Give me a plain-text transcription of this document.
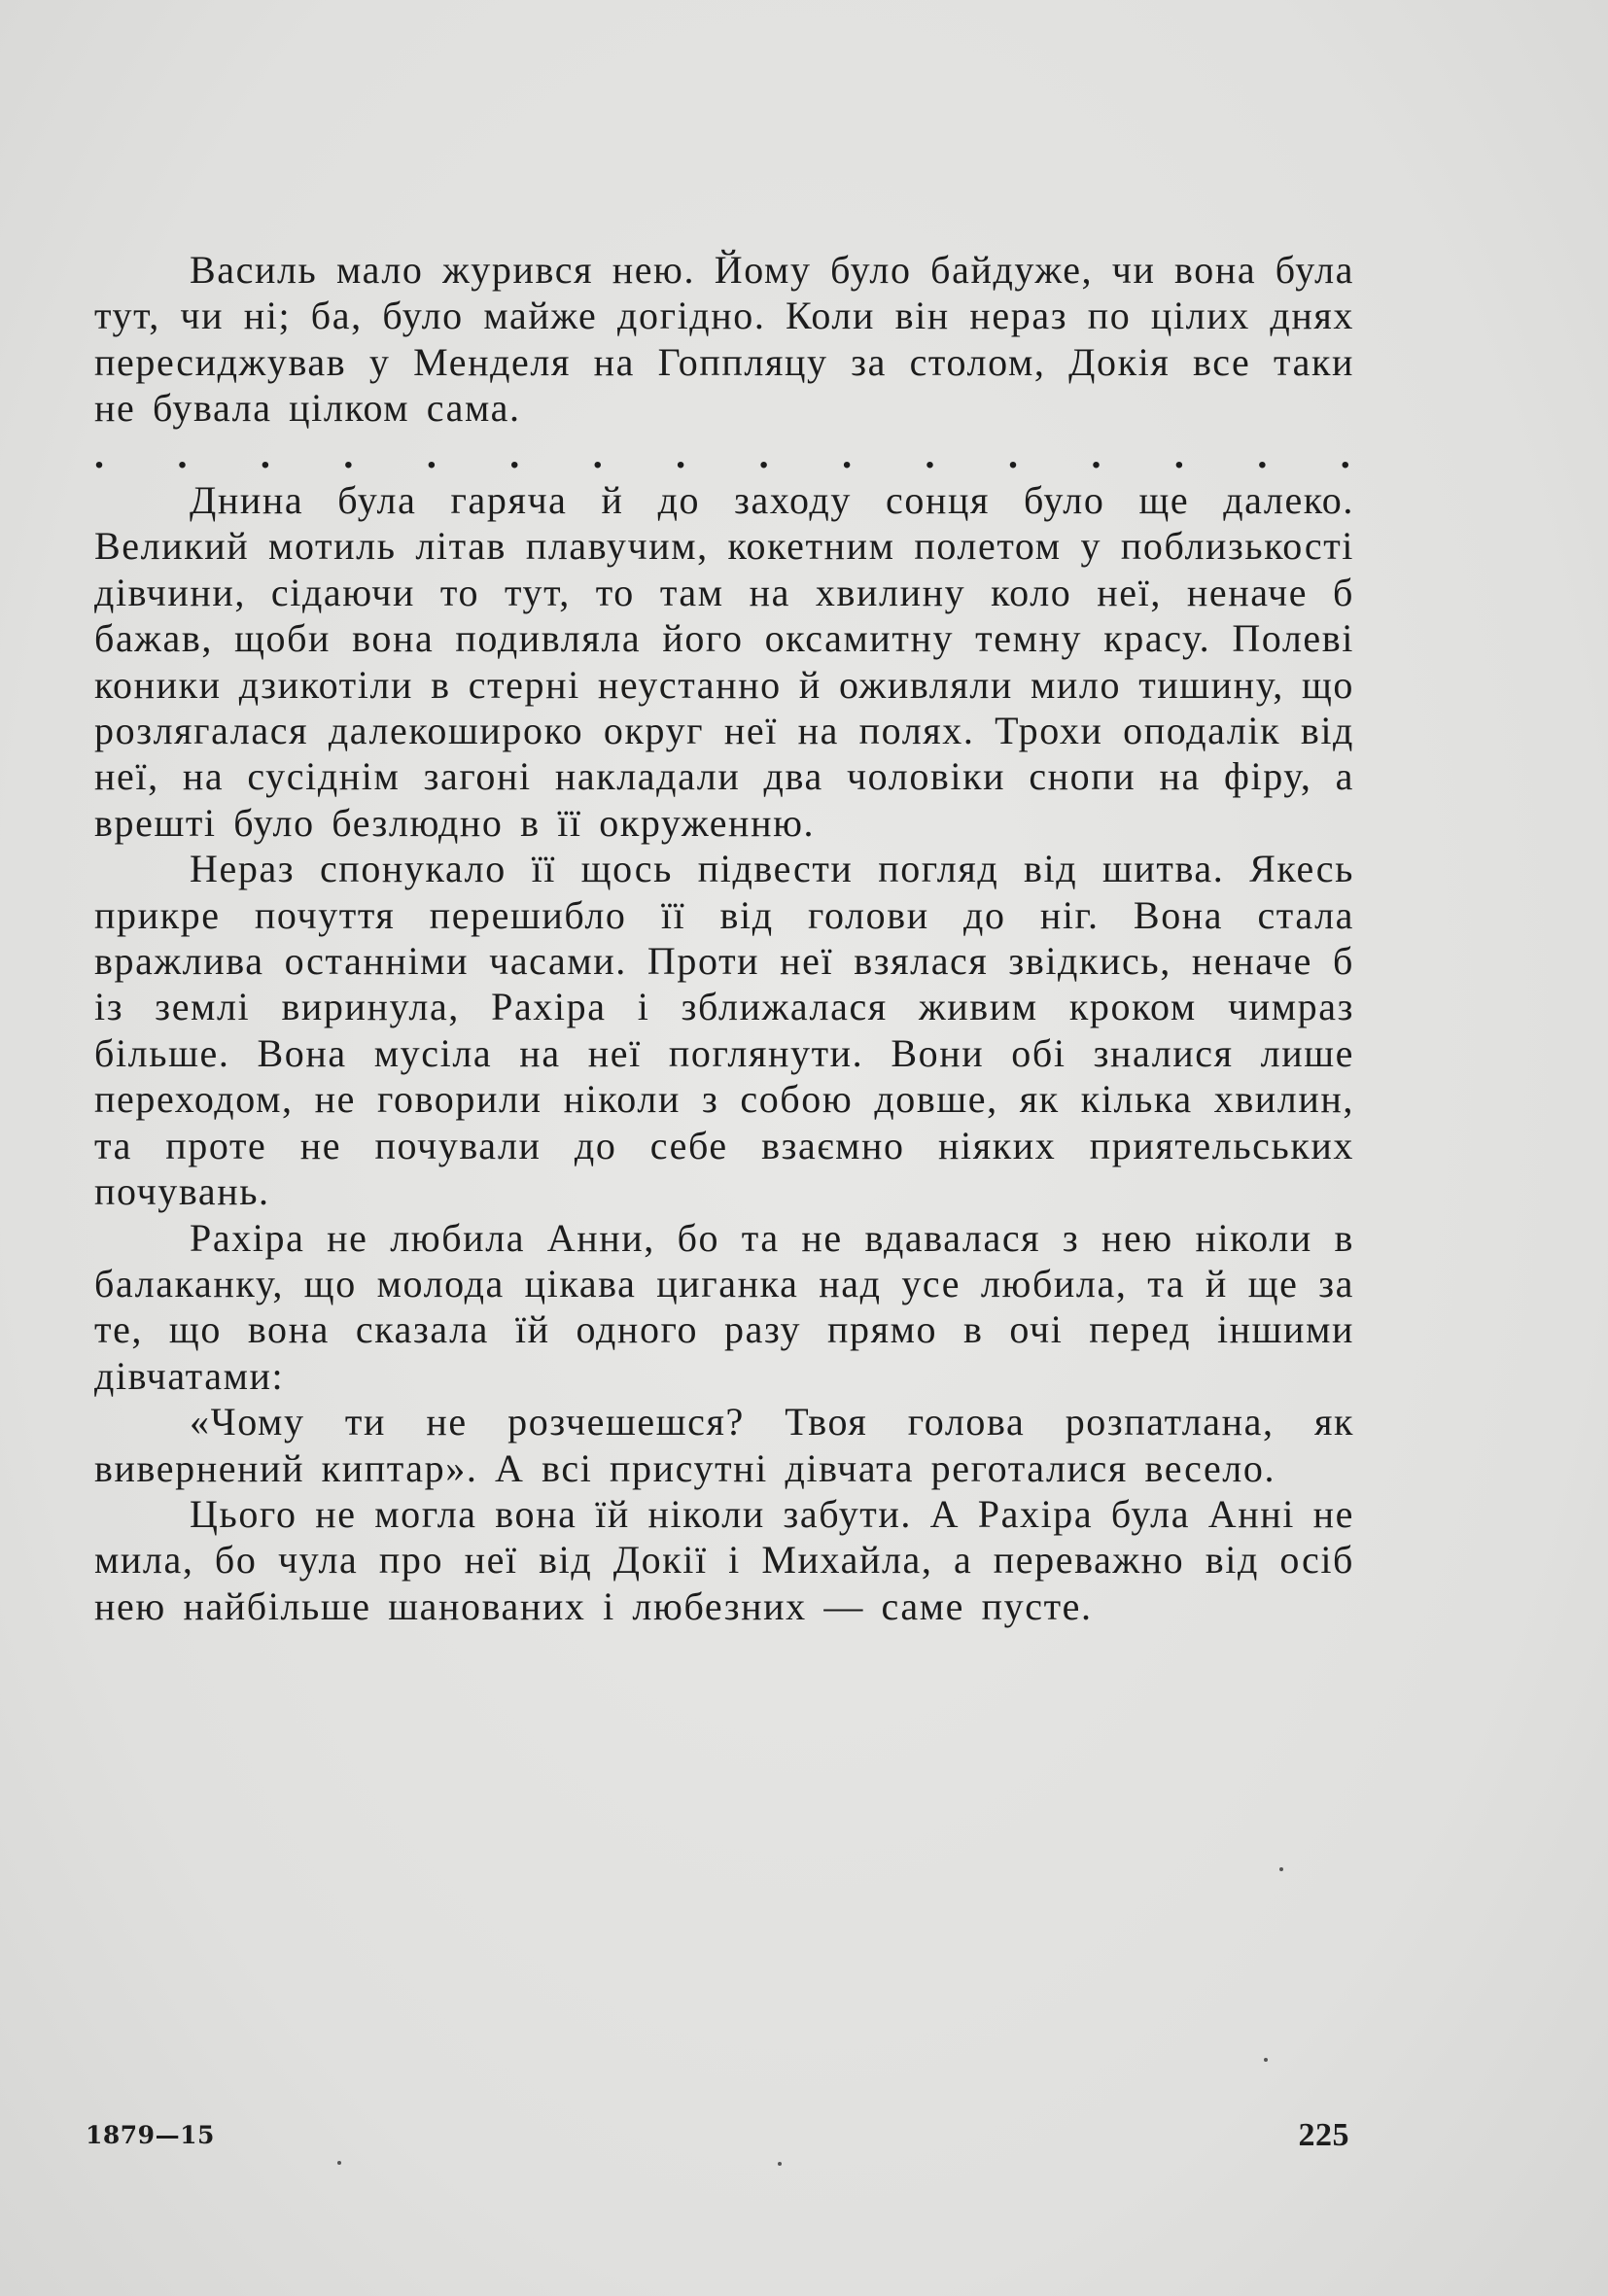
Василь мало журився нею. Йому було байдуже, чи вона була тут, чи ні; ба, було майже догідно. Коли він нераз по цілих днях пересиджував у Менделя на Гоппляцу за столом, Докія все таки не бувала цілком сама.

. . . . . . . . . . . . . . . .

Днина була гаряча й до заходу сонця було ще далеко. Великий мотиль літав плавучим, кокетним полетом у поблизькості дівчини, сідаючи то тут, то там на хвилину коло неї, неначе б бажав, щоби вона подивляла його оксамитну темну красу. Полеві коники дзикотіли в стерні неустанно й оживляли мило тишину, що розлягалася далекошироко округ неї на полях. Трохи оподалік від неї, на сусіднім загоні накладали два чоловіки снопи на фіру, а врешті було безлюдно в її окруженню.

Нераз спонукало її щось підвести погляд від шитва. Якесь прикре почуття перешибло її від голови до ніг. Вона стала вражлива останніми часами. Проти неї взялася звідкись, неначе б із землі виринула, Рахіра і зближалася живим кроком чимраз більше. Вона мусіла на неї поглянути. Вони обі зналися лише переходом, не говорили ніколи з собою довше, як кілька хвилин, та проте не почували до себе взаємно ніяких приятельських почувань.

Рахіра не любила Анни, бо та не вдавалася з нею ніколи в балаканку, що молода цікава циганка над усе любила, та й ще за те, що вона сказала їй одного разу прямо в очі перед іншими дівчатами:

«Чому ти не розчешешся? Твоя голова розпатлана, як вивернений киптар». А всі присутні дівчата реготалися весело.

Цього не могла вона їй ніколи забути. А Рахіра була Анні не мила, бо чула про неї від Докії і Михайла, а переважно від осіб нею найбільше шанованих і любезних — саме пусте.

1879—15	225
